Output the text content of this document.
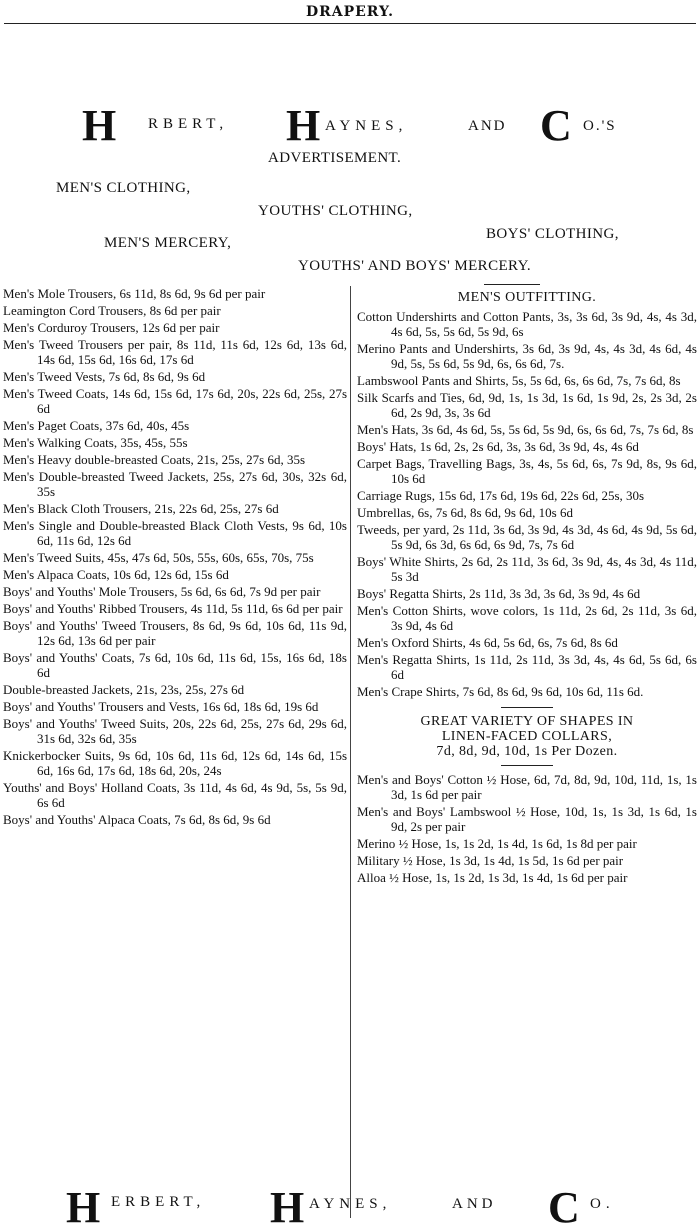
DRAPERY.
H RBERT, H AYNES,	AND C O.'S
ADVERTISEMENT.
MEN'S CLOTHING,
YOUTHS' CLOTHING,
BOYS' CLOTHING,
MEN'S MERCERY,
YOUTHS' AND BOYS' MERCERY.

Men's Mole Trousers, 6s 11d, 8s 6d, 9s 6d per pair

Leamington Cord Trousers, 8s 6d per pair

Men's Corduroy Trousers, 12s 6d per pair

Men's Tweed Trousers per pair, 8s 11d, 11s 6d, 12s 6d, 13s 6d, 14s 6d, 15s 6d, 16s 6d, 17s 6d

Men's Tweed Vests, 7s 6d, 8s 6d, 9s 6d

Men's Tweed Coats, 14s 6d, 15s 6d, 17s 6d, 20s, 22s 6d, 25s, 27s 6d

Men's Paget Coats, 37s 6d, 40s, 45s

Men's Walking Coats, 35s, 45s, 55s

Men's Heavy double-breasted Coats, 21s, 25s, 27s 6d, 35s

Men's Double-breasted Tweed Jackets, 25s, 27s 6d, 30s, 32s 6d, 35s

Men's Black Cloth Trousers, 21s, 22s 6d, 25s, 27s 6d

Men's Single and Double-breasted Black Cloth Vests, 9s 6d, 10s 6d, 11s 6d, 12s 6d

Men's Tweed Suits, 45s, 47s 6d, 50s, 55s, 60s, 65s, 70s, 75s

Men's Alpaca Coats, 10s 6d, 12s 6d, 15s 6d

Boys' and Youths' Mole Trousers, 5s 6d, 6s 6d, 7s 9d per pair

Boys' and Youths' Ribbed Trousers, 4s 11d, 5s 11d, 6s 6d per pair

Boys' and Youths' Tweed Trousers, 8s 6d, 9s 6d, 10s 6d, 11s 9d, 12s 6d, 13s 6d per pair

Boys' and Youths' Coats, 7s 6d, 10s 6d, 11s 6d, 15s, 16s 6d, 18s 6d

Double-breasted Jackets, 21s, 23s, 25s, 27s 6d

Boys' and Youths' Trousers and Vests, 16s 6d, 18s 6d, 19s 6d

Boys' and Youths' Tweed Suits, 20s, 22s 6d, 25s, 27s 6d, 29s 6d, 31s 6d, 32s 6d, 35s

Knickerbocker Suits, 9s 6d, 10s 6d, 11s 6d, 12s 6d, 14s 6d, 15s 6d, 16s 6d, 17s 6d, 18s 6d, 20s, 24s

Youths' and Boys' Holland Coats, 3s 11d, 4s 6d, 4s 9d, 5s, 5s 9d, 6s 6d

Boys' and Youths' Alpaca Coats, 7s 6d, 8s 6d, 9s 6d

MEN'S OUTFITTING.

Cotton Undershirts and Cotton Pants, 3s, 3s 6d, 3s 9d, 4s, 4s 3d, 4s 6d, 5s, 5s 6d, 5s 9d, 6s

Merino Pants and Undershirts, 3s 6d, 3s 9d, 4s, 4s 3d, 4s 6d, 4s 9d, 5s, 5s 6d, 5s 9d, 6s, 6s 6d, 7s.

Lambswool Pants and Shirts, 5s, 5s 6d, 6s, 6s 6d, 7s, 7s 6d, 8s

Silk Scarfs and Ties, 6d, 9d, 1s, 1s 3d, 1s 6d, 1s 9d, 2s, 2s 3d, 2s 6d, 2s 9d, 3s, 3s 6d

Men's Hats, 3s 6d, 4s 6d, 5s, 5s 6d, 5s 9d, 6s, 6s 6d, 7s, 7s 6d, 8s

Boys' Hats, 1s 6d, 2s, 2s 6d, 3s, 3s 6d, 3s 9d, 4s, 4s 6d

Carpet Bags, Travelling Bags, 3s, 4s, 5s 6d, 6s, 7s 9d, 8s, 9s 6d, 10s 6d

Carriage Rugs, 15s 6d, 17s 6d, 19s 6d, 22s 6d, 25s, 30s

Umbrellas, 6s, 7s 6d, 8s 6d, 9s 6d, 10s 6d

Tweeds, per yard, 2s 11d, 3s 6d, 3s 9d, 4s 3d, 4s 6d, 4s 9d, 5s 6d, 5s 9d, 6s 3d, 6s 6d, 6s 9d, 7s, 7s 6d

Boys' White Shirts, 2s 6d, 2s 11d, 3s 6d, 3s 9d, 4s, 4s 3d, 4s 11d, 5s 3d

Boys' Regatta Shirts, 2s 11d, 3s 3d, 3s 6d, 3s 9d, 4s 6d

Men's Cotton Shirts, wove colors, 1s 11d, 2s 6d, 2s 11d, 3s 6d, 3s 9d, 4s 6d

Men's Oxford Shirts, 4s 6d, 5s 6d, 6s, 7s 6d, 8s 6d

Men's Regatta Shirts, 1s 11d, 2s 11d, 3s 3d, 4s, 4s 6d, 5s 6d, 6s 6d

Men's Crape Shirts, 7s 6d, 8s 6d, 9s 6d, 10s 6d, 11s 6d.

GREAT VARIETY OF SHAPES IN
LINEN-FACED COLLARS,
7d, 8d, 9d, 10d, 1s Per Dozen.

Men's and Boys' Cotton ½ Hose, 6d, 7d, 8d, 9d, 10d, 11d, 1s, 1s 3d, 1s 6d per pair

Men's and Boys' Lambswool ½ Hose, 10d, 1s, 1s 3d, 1s 6d, 1s 9d, 2s per pair

Merino ½ Hose, 1s, 1s 2d, 1s 4d, 1s 6d, 1s 8d per pair

Military ½ Hose, 1s 3d, 1s 4d, 1s 5d, 1s 6d per pair

Alloa ½ Hose, 1s, 1s 2d, 1s 3d, 1s 4d, 1s 6d per pair

H ERBERT, H AYNES,	AND C O.
